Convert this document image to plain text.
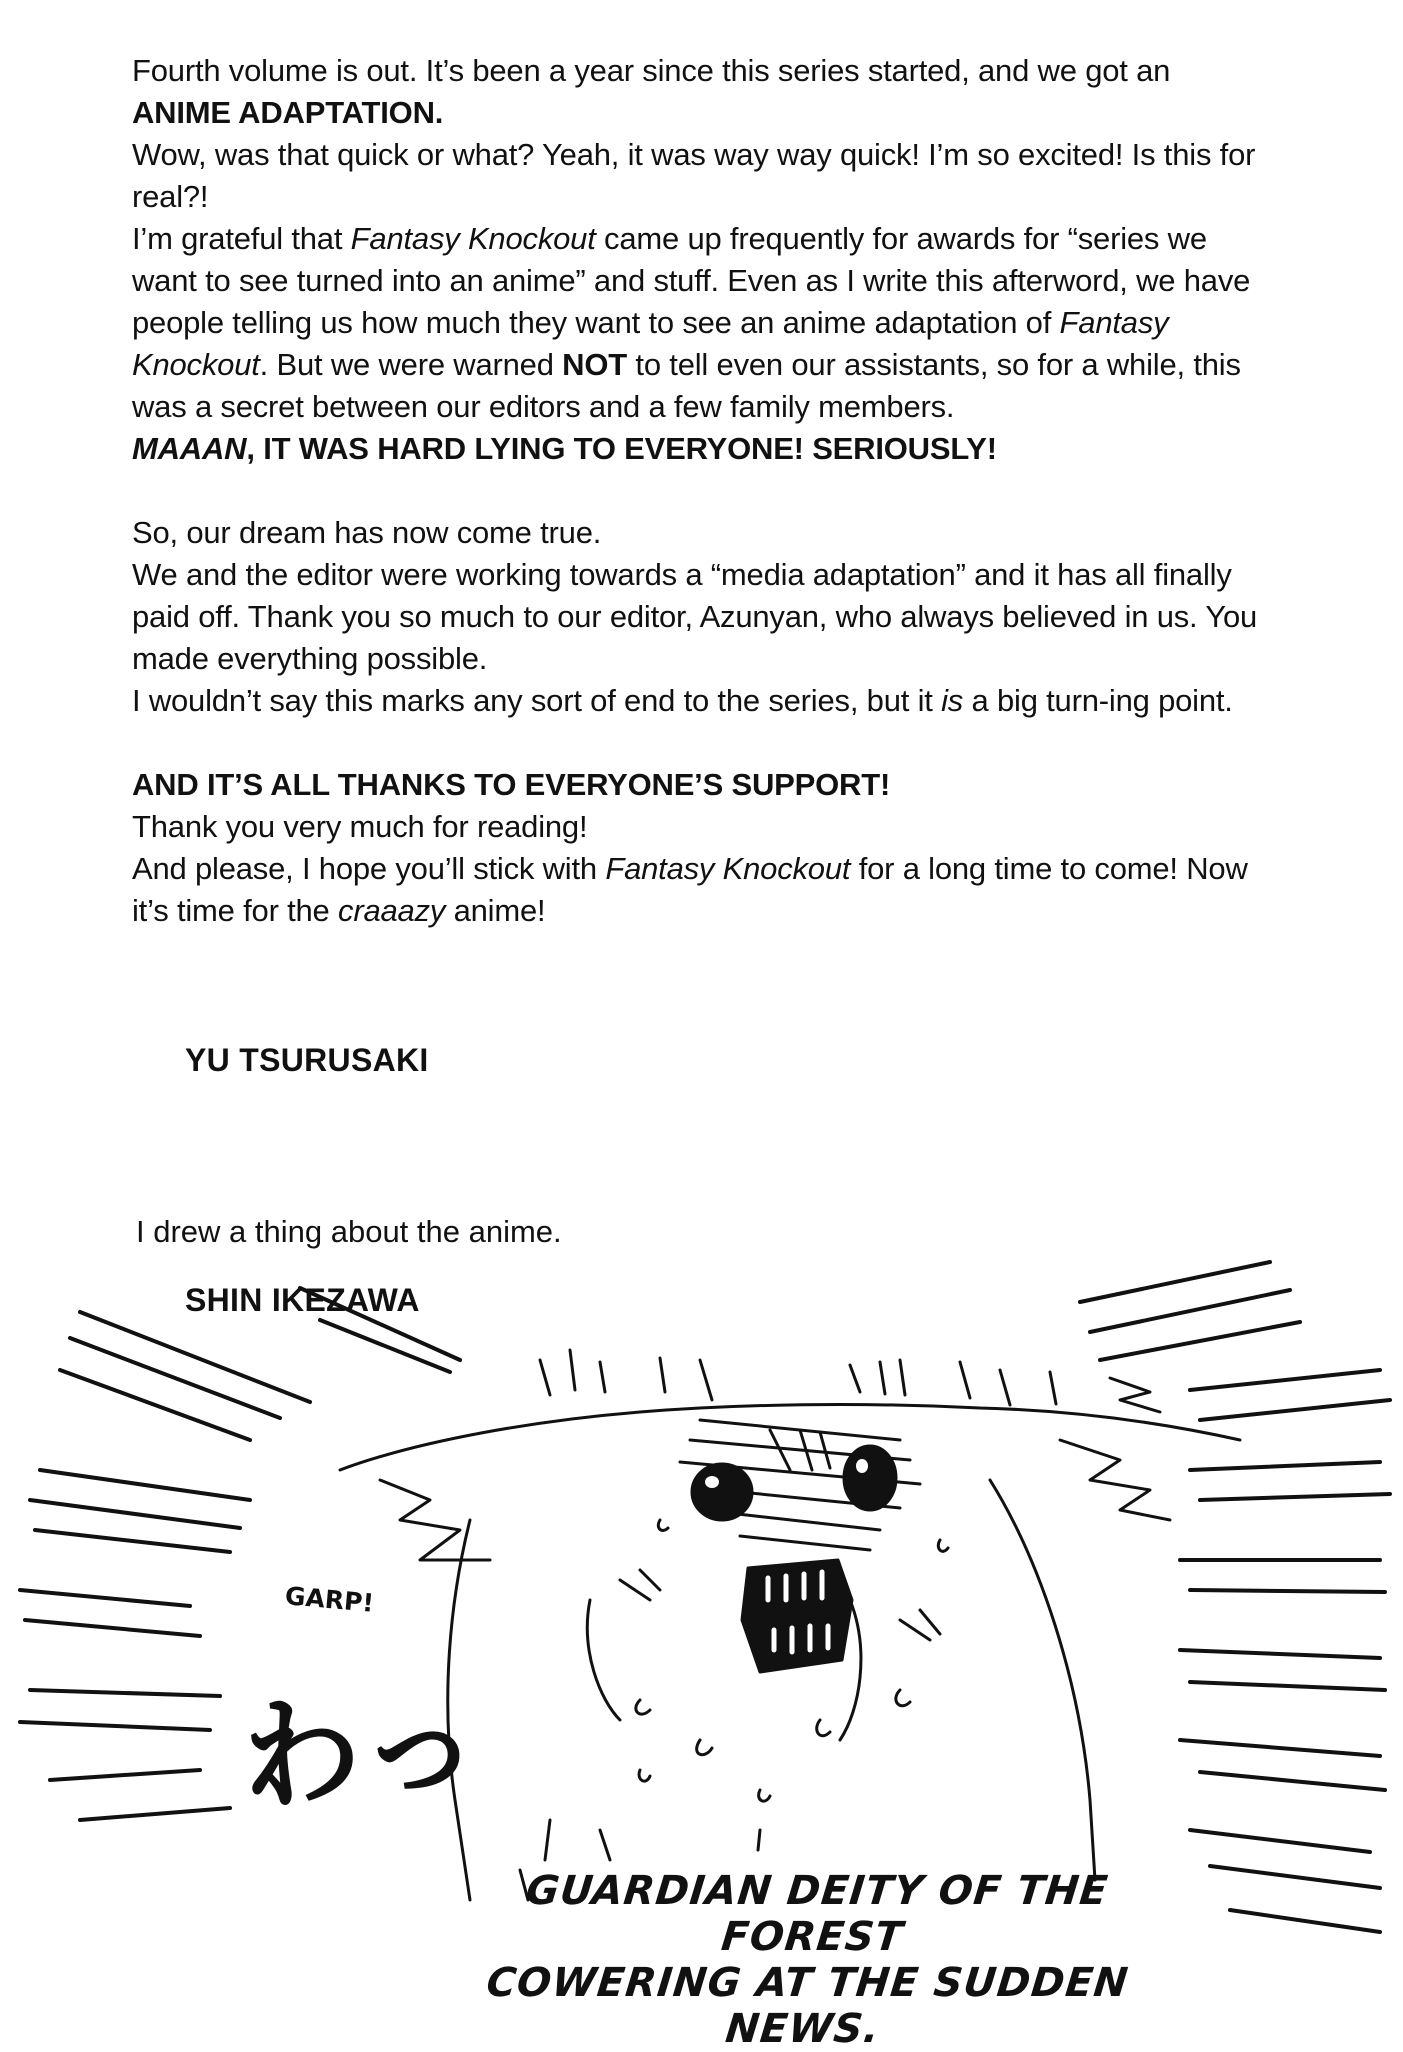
Fourth volume is out. It’s been a year since this series started, and we got an ANIME ADAPTATION.

Wow, was that quick or what? Yeah, it was way way quick! I’m so excited! Is this for real?!

I’m grateful that Fantasy Knockout came up frequently for awards for “series we want to see turned into an anime” and stuff. Even as I write this afterword, we have people telling us how much they want to see an anime adaptation of Fantasy Knockout. But we were warned NOT to tell even our assistants, so for a while, this was a secret between our editors and a few family members.

MAAAN, IT WAS HARD LYING TO EVERYONE! SERIOUSLY!

So, our dream has now come true.

We and the editor were working towards a “media adaptation” and it has all finally paid off. Thank you so much to our editor, Azunyan, who always believed in us. You made everything possible.

I wouldn’t say this marks any sort of end to the series, but it is a big turn-ing point.

AND IT’S ALL THANKS TO EVERYONE’S SUPPORT!

Thank you very much for reading!

And please, I hope you’ll stick with Fantasy Knockout for a long time to come! Now it’s time for the craaazy anime!

YU TSURUSAKI
I drew a thing about the anime.
SHIN IKEZAWA
GARP!
わっ
GUARDIAN DEITY OF THE FOREST
COWERING AT THE SUDDEN NEWS.
